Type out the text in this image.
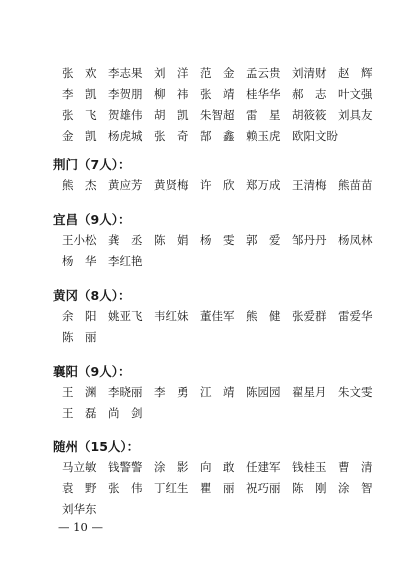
张　欢 李志果 刘　洋 范　金 孟云贵 刘清财 赵　辉
李　凯 李贺朋 柳　祎 张　靖 桂华华 郝　志 叶文强
张　飞 贺雄伟 胡　凯 朱智超 雷　星 胡筱筱 刘具友
金　凯 杨虎城 张　奇 郜　鑫 赖玉虎 欧阳文盼
荆门（7人）：
熊　杰 黄应芳 黄贤梅 许　欣 郑万成 王清梅 熊苗苗
宜昌（9人）：
王小松 龚　丞 陈　娟 杨　雯 郭　爱 邹丹丹 杨凤林
杨　华 李红艳
黄冈（8人）：
余　阳 姚亚飞 韦红妹 董佳军 熊　健 张爱群 雷爱华
陈　丽
襄阳（9人）：
王　渊 李晓丽 李　勇 江　靖 陈园园 翟星月 朱文雯
王　磊 尚　剑
随州（15人）：
马立敏 钱警警 涂　影 向　敢 任建军 钱桂玉 曹　清
袁　野 张　伟 丁红生 瞿　丽 祝巧丽 陈　刚 涂　智
刘华东
— 10 —
